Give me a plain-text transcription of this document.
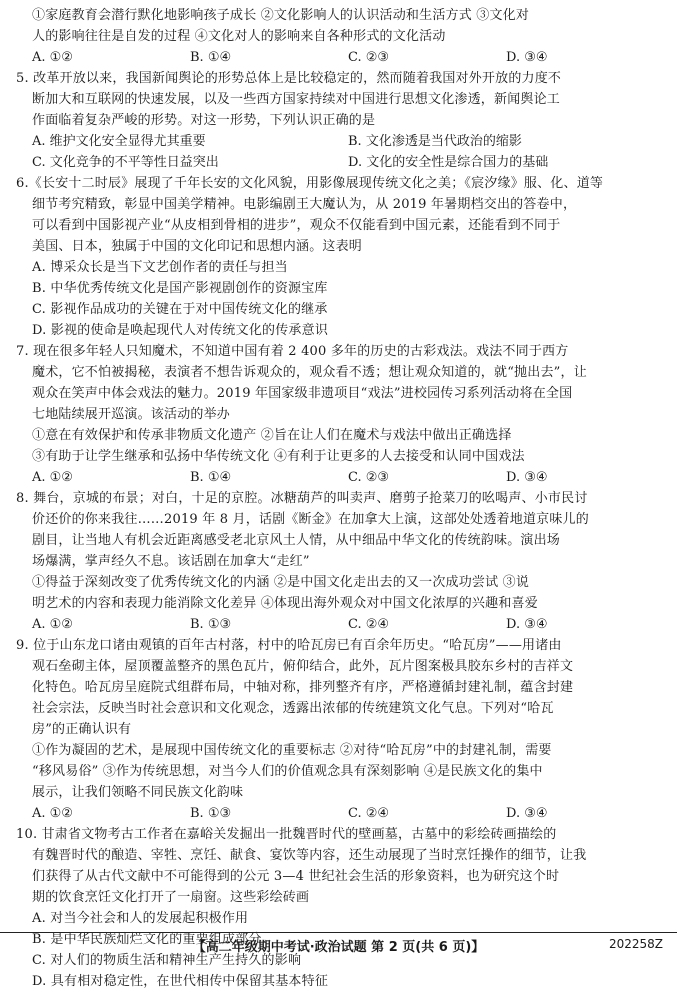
①家庭教育会潜行默化地影响孩子成长 ②文化影响人的认识活动和生活方式 ③文化对
人的影响往往是自发的过程 ④文化对人的影响来自各种形式的文化活动
A. ①②	B. ①④	C. ②③	D. ③④
5. 改革开放以来，我国新闻舆论的形势总体上是比较稳定的，然而随着我国对外开放的力度不
断加大和互联网的快速发展，以及一些西方国家持续对中国进行思想文化渗透，新闻舆论工
作面临着复杂严峻的形势。对这一形势，下列认识正确的是
A. 维护文化安全显得尤其重要	B. 文化渗透是当代政治的缩影
C. 文化竞争的不平等性日益突出	D. 文化的安全性是综合国力的基础
6.《长安十二时辰》展现了千年长安的文化风貌，用影像展现传统文化之美；《宸汐缘》服、化、道等
细节考究精致，彰显中国美学精神。电影编剧王大魔认为，从 2019 年暑期档交出的答卷中，
可以看到中国影视产业“从皮相到骨相的进步”，观众不仅能看到中国元素，还能看到不同于
美国、日本，独属于中国的文化印记和思想内涵。这表明
A. 博采众长是当下文艺创作者的责任与担当
B. 中华优秀传统文化是国产影视剧创作的资源宝库
C. 影视作品成功的关键在于对中国传统文化的继承
D. 影视的使命是唤起现代人对传统文化的传承意识
7. 现在很多年轻人只知魔术，不知道中国有着 2 400 多年的历史的古彩戏法。戏法不同于西方
魔术，它不怕被揭秘，表演者不想告诉观众的，观众看不透；想让观众知道的，就“抛出去”，让
观众在笑声中体会戏法的魅力。2019 年国家级非遗项目“戏法”进校园传习系列活动将在全国
七地陆续展开巡演。该活动的举办
①意在有效保护和传承非物质文化遗产 ②旨在让人们在魔术与戏法中做出正确选择
③有助于让学生继承和弘扬中华传统文化 ④有利于让更多的人去接受和认同中国戏法
A. ①②	B. ①④	C. ②③	D. ③④
8. 舞台，京城的布景；对白，十足的京腔。冰糖葫芦的叫卖声、磨剪子抢菜刀的吆喝声、小市民讨
价还价的你来我往……2019 年 8 月，话剧《断金》在加拿大上演，这部处处透着地道京味儿的
剧目，让当地人有机会近距离感受老北京风土人情，从中细品中华文化的传统韵味。演出场
场爆满，掌声经久不息。该话剧在加拿大“走红”
①得益于深刻改变了优秀传统文化的内涵 ②是中国文化走出去的又一次成功尝试 ③说
明艺术的内容和表现力能消除文化差异 ④体现出海外观众对中国文化浓厚的兴趣和喜爱
A. ①②	B. ①③	C. ②④	D. ③④
9. 位于山东龙口诸由观镇的百年古村落，村中的哈瓦房已有百余年历史。“哈瓦房”——用诸由
观石垒砌主体，屋顶覆盖整齐的黑色瓦片，俯仰结合，此外，瓦片图案极具胶东乡村的吉祥文
化特色。哈瓦房呈庭院式组群布局，中轴对称，排列整齐有序，严格遵循封建礼制，蕴含封建
社会宗法，反映当时社会意识和文化观念，透露出浓郁的传统建筑文化气息。下列对“哈瓦
房”的正确认识有
①作为凝固的艺术，是展现中国传统文化的重要标志 ②对待“哈瓦房”中的封建礼制，需要
“移风易俗” ③作为传统思想，对当今人们的价值观念具有深刻影响 ④是民族文化的集中
展示，让我们领略不同民族文化韵味
A. ①②	B. ①③	C. ②④	D. ③④
10. 甘肃省文物考古工作者在嘉峪关发掘出一批魏晋时代的壁画墓，古墓中的彩绘砖画描绘的
有魏晋时代的酿造、宰牲、烹饪、献食、宴饮等内容，还生动展现了当时烹饪操作的细节，让我
们获得了从古代文献中不可能得到的公元 3—4 世纪社会生活的形象资料，也为研究这个时
期的饮食烹饪文化打开了一扇窗。这些彩绘砖画
A. 对当今社会和人的发展起积极作用
B. 是中华民族灿烂文化的重要组成部分
C. 对人们的物质生活和精神生产生持久的影响
D. 具有相对稳定性，在世代相传中保留其基本特征
【高二年级期中考试·政治试题 第 2 页(共 6 页)】	202258Z
